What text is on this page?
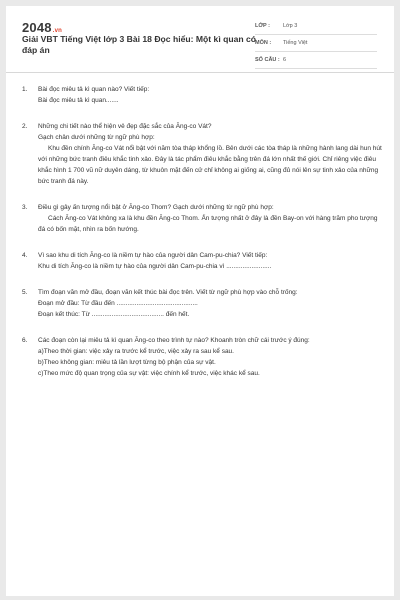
2048.vn
Giải VBT Tiếng Việt lớp 3 Bài 18 Đọc hiểu: Một kì quan có đáp án
LỚP :	Lớp 3
MÔN :	Tiếng Việt
SỐ CÂU : 6
1. Bài đọc miêu tả kì quan nào? Viết tiếp:
Bài đọc miêu tả kì quan.......
2. Những chi tiết nào thể hiện vẻ đẹp đặc sắc của Ăng-co Vát?
Gạch chân dưới những từ ngữ phù hợp:
Khu đền chính Ăng-co Vát nổi bật với năm tòa tháp khổng lồ. Bên dưới các tòa tháp là những hành lang dài hun hút với những bức tranh điêu khắc tinh xảo. Đây là tác phẩm điêu khắc bằng trên đá lớn nhất thế giới. Chỉ riêng việc điêu khắc hình 1 700 vũ nữ duyên dáng, từ khuôn mặt đến cử chỉ không ai giống ai, cũng đủ nói lên sự tinh xảo của những bức tranh đá này.
3. Điều gì gây ấn tượng nổi bật ở Ăng-co Thom? Gạch dưới những từ ngữ phù hợp:
Cách Ăng-co Vát không xa là khu đền Ăng-co Thom. Ấn tượng nhất ở đây là đền Bay-on với hàng trăm pho tượng đá có bốn mặt, nhìn ra bốn hướng.
4. Vì sao khu di tích Ăng-co là niềm tự hào của người dân Cam-pu-chia? Viết tiếp:
Khu di tích Ăng-co là niềm tự hào của người dân Cam-pu-chia vì .........................
5. Tìm đoạn văn mở đầu, đoạn văn kết thúc bài đọc trên. Viết từ ngữ phù hợp vào chỗ trống:
Đoạn mở đầu: Từ đầu đến .............................................
Đoạn kết thúc: Từ ........................................ đến hết.
6. Các đoạn còn lại miêu tả kì quan Ăng-co theo trình tự nào? Khoanh tròn chữ cái trước ý đúng:
a)Theo thời gian: việc xảy ra trước kể trước, việc xảy ra sau kể sau.
b)Theo không gian: miêu tả lần lượt từng bộ phận của sự vật.
c)Theo mức độ quan trọng của sự vật: việc chính kể trước, việc khác kể sau.
